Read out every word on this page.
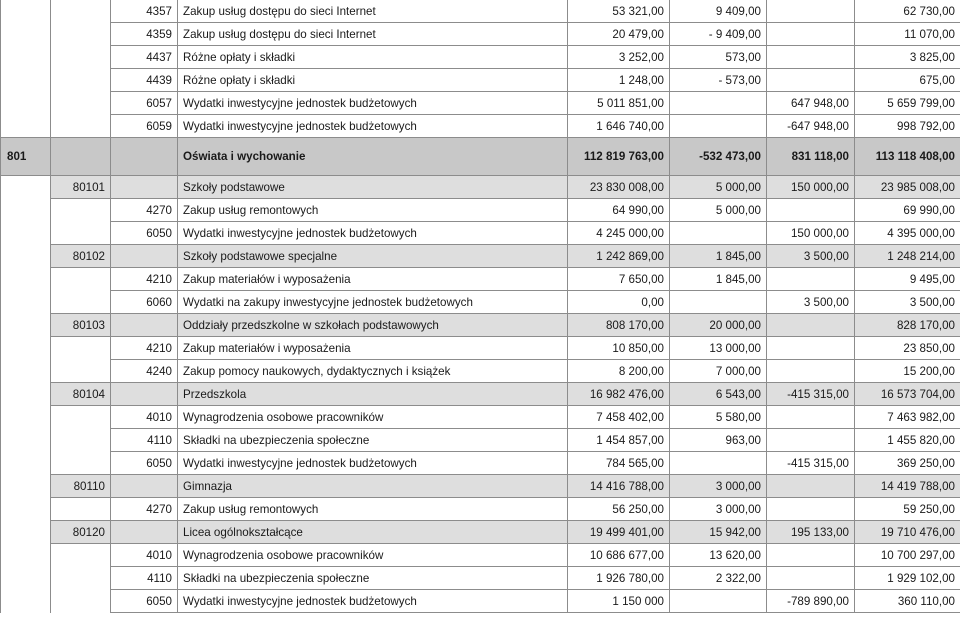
		4357	Zakup usług dostępu do sieci Internet	53 321,00	9 409,00		62 730,00
		4359	Zakup usług dostępu do sieci Internet	20 479,00	- 9 409,00		11 070,00
		4437	Różne opłaty i składki	3 252,00	573,00		3 825,00
		4439	Różne opłaty i składki	1 248,00	- 573,00		675,00
		6057	Wydatki inwestycyjne jednostek budżetowych	5 011 851,00		647 948,00	5 659 799,00
		6059	Wydatki inwestycyjne jednostek budżetowych	1 646 740,00		-647 948,00	998 792,00
801			Oświata i wychowanie	112 819 763,00	-532 473,00	831 118,00	113 118 408,00
	80101		Szkoły podstawowe	23 830 008,00	5 000,00	150 000,00	23 985 008,00
		4270	Zakup usług remontowych	64 990,00	5 000,00		69 990,00
		6050	Wydatki inwestycyjne jednostek budżetowych	4 245 000,00		150 000,00	4 395 000,00
	80102		Szkoły podstawowe specjalne	1 242 869,00	1 845,00	3 500,00	1 248 214,00
		4210	Zakup materiałów i wyposażenia	7 650,00	1 845,00		9 495,00
		6060	Wydatki na zakupy inwestycyjne jednostek budżetowych	0,00		3 500,00	3 500,00
	80103		Oddziały przedszkolne w szkołach podstawowych	808 170,00	20 000,00		828 170,00
		4210	Zakup materiałów i wyposażenia	10 850,00	13 000,00		23 850,00
		4240	Zakup pomocy naukowych, dydaktycznych i książek	8 200,00	7 000,00		15 200,00
	80104		Przedszkola	16 982 476,00	6 543,00	-415 315,00	16 573 704,00
		4010	Wynagrodzenia osobowe pracowników	7 458 402,00	5 580,00		7 463 982,00
		4110	Składki na ubezpieczenia społeczne	1 454 857,00	963,00		1 455 820,00
		6050	Wydatki inwestycyjne jednostek budżetowych	784 565,00		-415 315,00	369 250,00
	80110		Gimnazja	14 416 788,00	3 000,00		14 419 788,00
		4270	Zakup usług remontowych	56 250,00	3 000,00		59 250,00
	80120		Licea ogólnokształcące	19 499 401,00	15 942,00	195 133,00	19 710 476,00
		4010	Wynagrodzenia osobowe pracowników	10 686 677,00	13 620,00		10 700 297,00
		4110	Składki na ubezpieczenia społeczne	1 926 780,00	2 322,00		1 929 102,00
		6050	Wydatki inwestycyjne jednostek budżetowych	1 150 000		-789 890,00	360 110,00
